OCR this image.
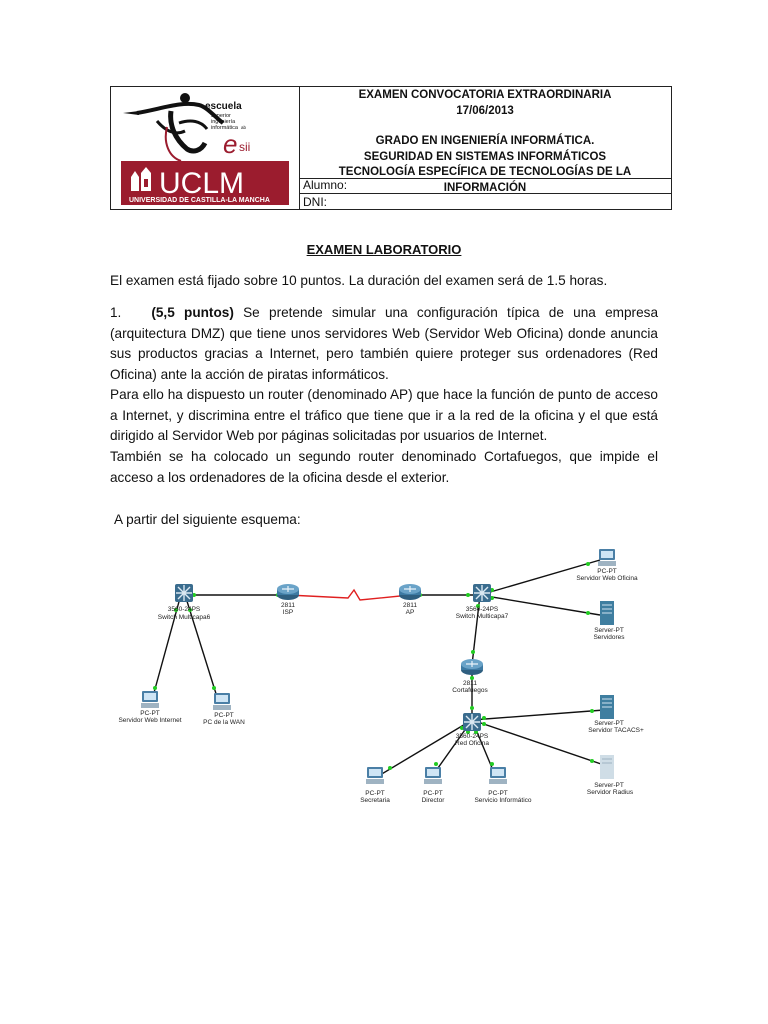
escuela
superior
ingeniería
informática ab
e sii
UCLM
UNIVERSIDAD DE CASTILLA-LA MANCHA
EXAMEN CONVOCATORIA EXTRAORDINARIA
17/06/2013
GRADO EN INGENIERÍA INFORMÁTICA.
SEGURIDAD EN SISTEMAS INFORMÁTICOS
TECNOLOGÍA ESPECÍFICA DE TECNOLOGÍAS DE LA INFORMACIÓN
Alumno:
DNI:
EXAMEN LABORATORIO
El examen está fijado sobre 10 puntos. La duración del examen será de 1.5 horas.
1. (5,5 puntos) Se pretende simular una configuración típica de una empresa (arquitectura DMZ) que tiene unos servidores Web (Servidor Web Oficina) donde anuncia sus productos gracias a Internet, pero también quiere proteger sus ordenadores (Red Oficina) ante la acción de piratas informáticos.
Para ello ha dispuesto un router (denominado AP) que hace la función de punto de acceso a Internet, y discrimina entre el tráfico que tiene que ir a la red de la oficina y el que está dirigido al Servidor Web por páginas solicitadas por usuarios de Internet.
También se ha colocado un segundo router denominado Cortafuegos, que impide el acceso a los ordenadores de la oficina desde el exterior.
A partir del siguiente esquema:
3560-24PS
Switch Multicapa6
2811
ISP
2811
AP	3560-24PS
Switch Multicapa7
PC-PT
Servidor Web Oficina
Server-PT
Servidores
2811
Cortafuegos
PC-PT
Servidor Web Internet
PC-PT
PC de la WAN
3560-24PS
Red Oficina
Server-PT
Servidor TACACS+
Server-PT
Servidor Radius
PC-PT
Secretaria
PC-PT
Director
PC-PT
Servicio Informático
